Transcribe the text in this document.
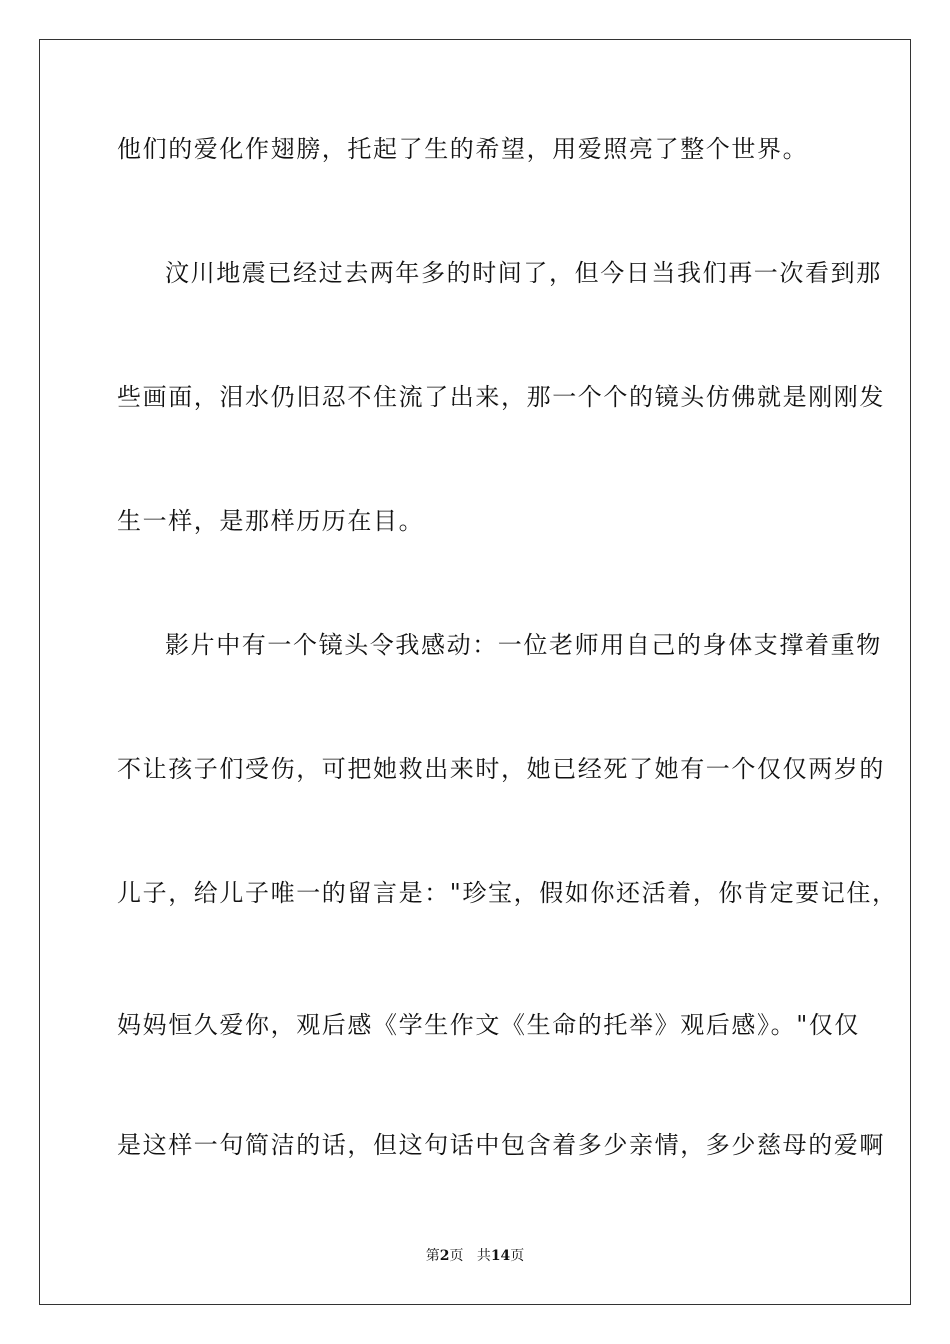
他们的爱化作翅膀，托起了生的希望，用爱照亮了整个世界。
汶川地震已经过去两年多的时间了，但今日当我们再一次看到那
些画面，泪水仍旧忍不住流了出来，那一个个的镜头仿佛就是刚刚发
生一样，是那样历历在目。
影片中有一个镜头令我感动：一位老师用自己的身体支撑着重物
不让孩子们受伤，可把她救出来时，她已经死了她有一个仅仅两岁的
儿子，给儿子唯一的留言是："珍宝，假如你还活着，你肯定要记住，
妈妈恒久爱你，观后感《学生作文《生命的托举》观后感》。"仅仅
是这样一句简洁的话，但这句话中包含着多少亲情，多少慈母的爱啊
第2页 共14页
